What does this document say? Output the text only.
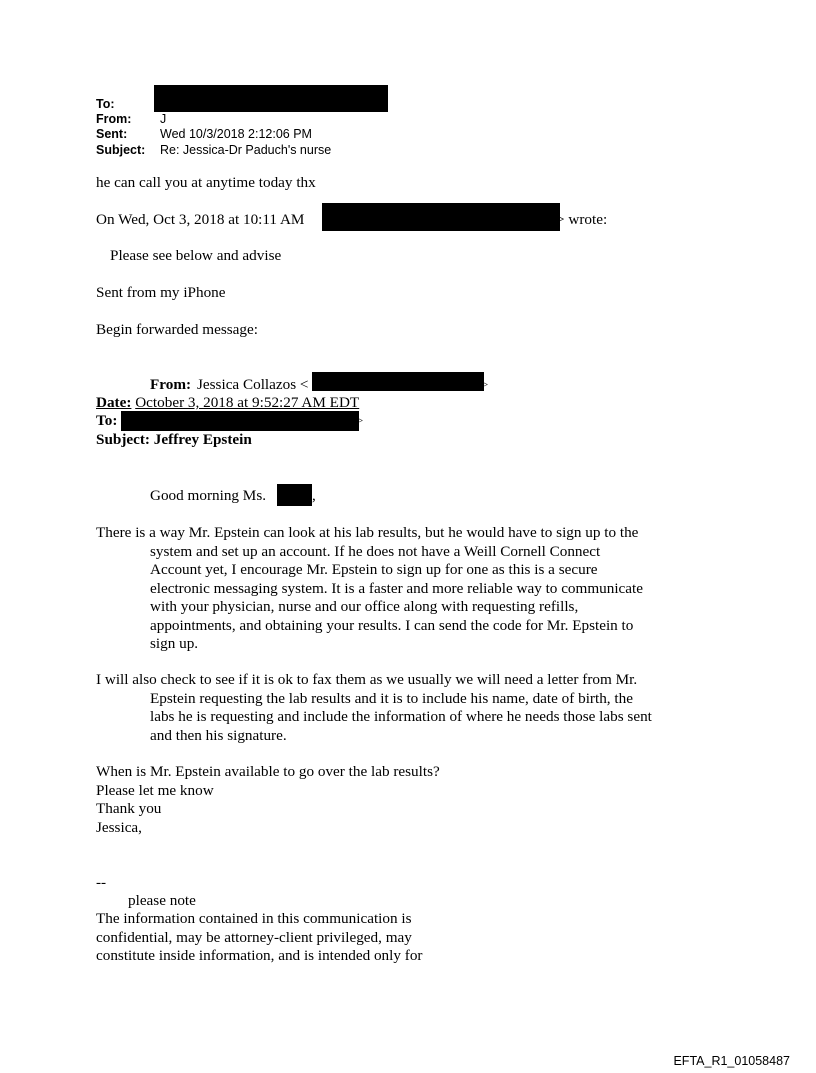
To:
From: J
Sent:	Wed 10/3/2018 2:12:06 PM
Subject: Re: Jessica-Dr Paduch's nurse
he can call you at anytime today thx
On Wed, Oct 3, 2018 at 10:11 AM	> wrote:
Please see below and advise
Sent from my iPhone
Begin forwarded message:
From: Jessica Collazos <	>
Date: October 3, 2018 at 9:52:27 AM EDT
To:	>
Subject: Jeffrey Epstein
Good morning Ms.	,
There is a way Mr. Epstein can look at his lab results, but he would have to sign up to the
system and set up an account. If he does not have a Weill Cornell Connect
Account yet, I encourage Mr. Epstein to sign up for one as this is a secure
electronic messaging system. It is a faster and more reliable way to communicate
with your physician, nurse and our office along with requesting refills,
appointments, and obtaining your results. I can send the code for Mr. Epstein to
sign up.
I will also check to see if it is ok to fax them as we usually we will need a letter from Mr.
Epstein requesting the lab results and it is to include his name, date of birth, the
labs he is requesting and include the information of where he needs those labs sent
and then his signature.
When is Mr. Epstein available to go over the lab results?
Please let me know
Thank you
Jessica,
--
please note
The information contained in this communication is
confidential, may be attorney-client privileged, may
constitute inside information, and is intended only for
EFTA_R1_01058487
